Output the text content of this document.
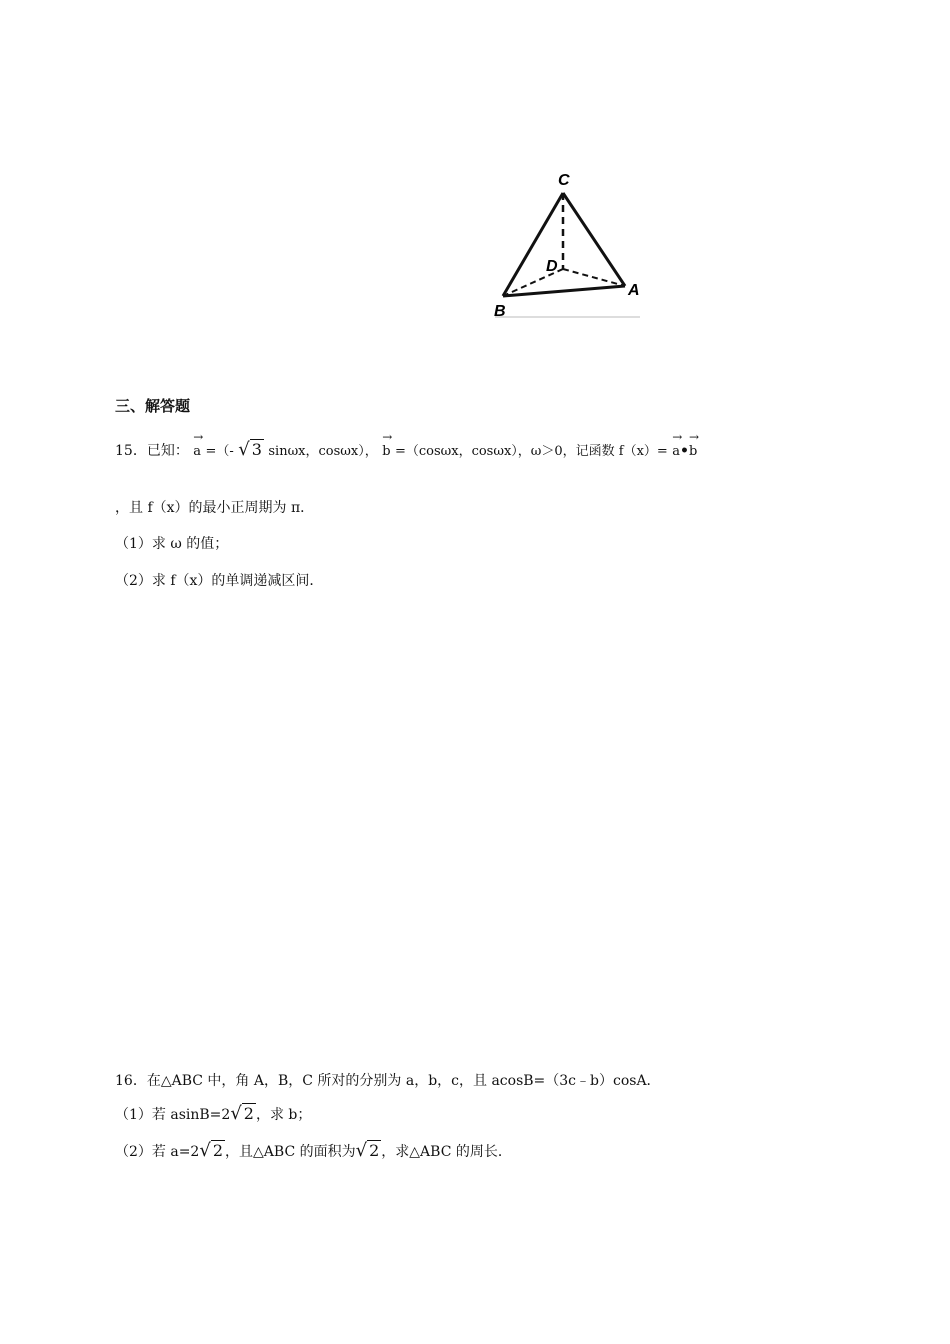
C
D
A
B
三、解答题
15．已知： → a =（- √ 3 sinωx，cosωx）， → b =（cosωx，cosωx），ω＞0，记函数 f（x）= → a•→ b
，且 f（x）的最小正周期为 π．
（1）求 ω 的值；
（2）求 f（x）的单调递减区间．
16．在△ABC 中，角 A，B，C 所对的分别为 a，b，c，且 acosB=（3c﹣b）cosA．
（1）若 asinB=2√ 2 ，求 b；
（2）若 a=2√ 2 ，且△ABC 的面积为√ 2 ，求△ABC 的周长．
